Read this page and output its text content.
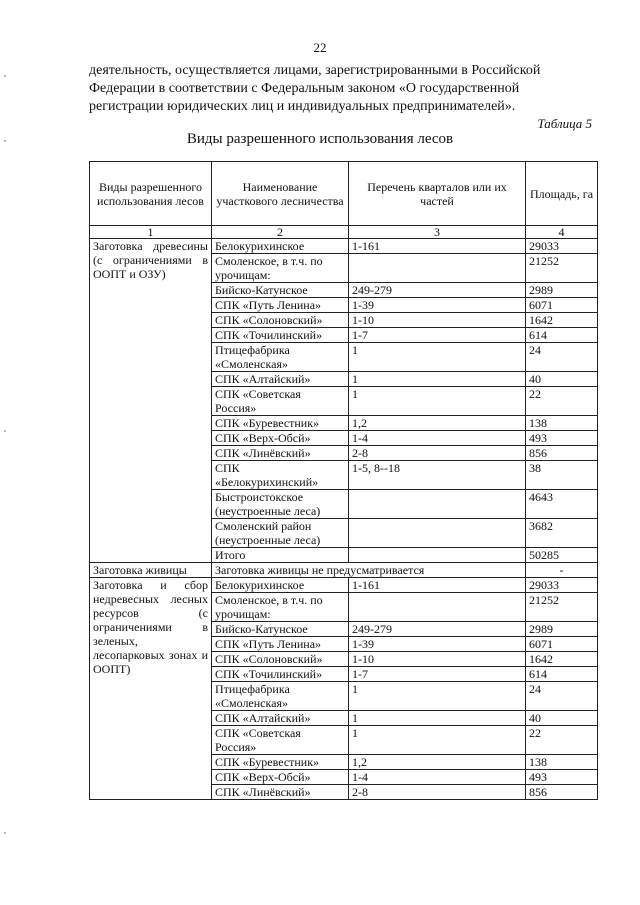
22
деятельность, осуществляется лицами, зарегистрированными в Российской
Федерации в соответствии с Федеральным законом «О государственной
регистрации юридических лиц и индивидуальных предпринимателей».
Таблица 5
Виды разрешенного использования лесов
Виды разрешенного использования лесов	Наименование участкового лесничества	Перечень кварталов или их частей	Площадь, га
1	2	3	4
Заготовка древесины (с ограничениями в ООПТ и ОЗУ)	Белокурихинское	1-161	29033
	Смоленское, в т.ч. по урочищам:		21252
	Бийско-Катунское	249-279	2989
	СПК «Путь Ленина»	1-39	6071
	СПК «Солоновский»	1-10	1642
	СПК «Точилинский»	1-7	614
	Птицефабрика «Смоленская»	1	24
	СПК «Алтайский»	1	40
	СПК «Советская Россия»	1	22
	СПК «Буревестник»	1,2	138
	СПК «Верх-Обсй»	1-4	493
	СПК «Линёвский»	2-8	856
	СПК «Белокурихинский»	1-5, 8--18	38
	Быстроистокское (неустроенные леса)		4643
	Смоленский район (неустроенные леса)		3682
	Итого		50285
Заготовка живицы	Заготовка живицы не предусматривается		-
Заготовка и сбор недревесных лесных ресурсов (с ограничениями в зеленых, лесопарковых зонах и ООПТ)	Белокурихинское	1-161	29033
	Смоленское, в т.ч. по урочищам:		21252
	Бийско-Катунское	249-279	2989
	СПК «Путь Ленина»	1-39	6071
	СПК «Солоновский»	1-10	1642
	СПК «Точилинский»	1-7	614
	Птицефабрика «Смоленская»	1	24
	СПК «Алтайский»	1	40
	СПК «Советская Россия»	1	22
	СПК «Буревестник»	1,2	138
	СПК «Верх-Обсй»	1-4	493
	СПК «Линёвский»	2-8	856
